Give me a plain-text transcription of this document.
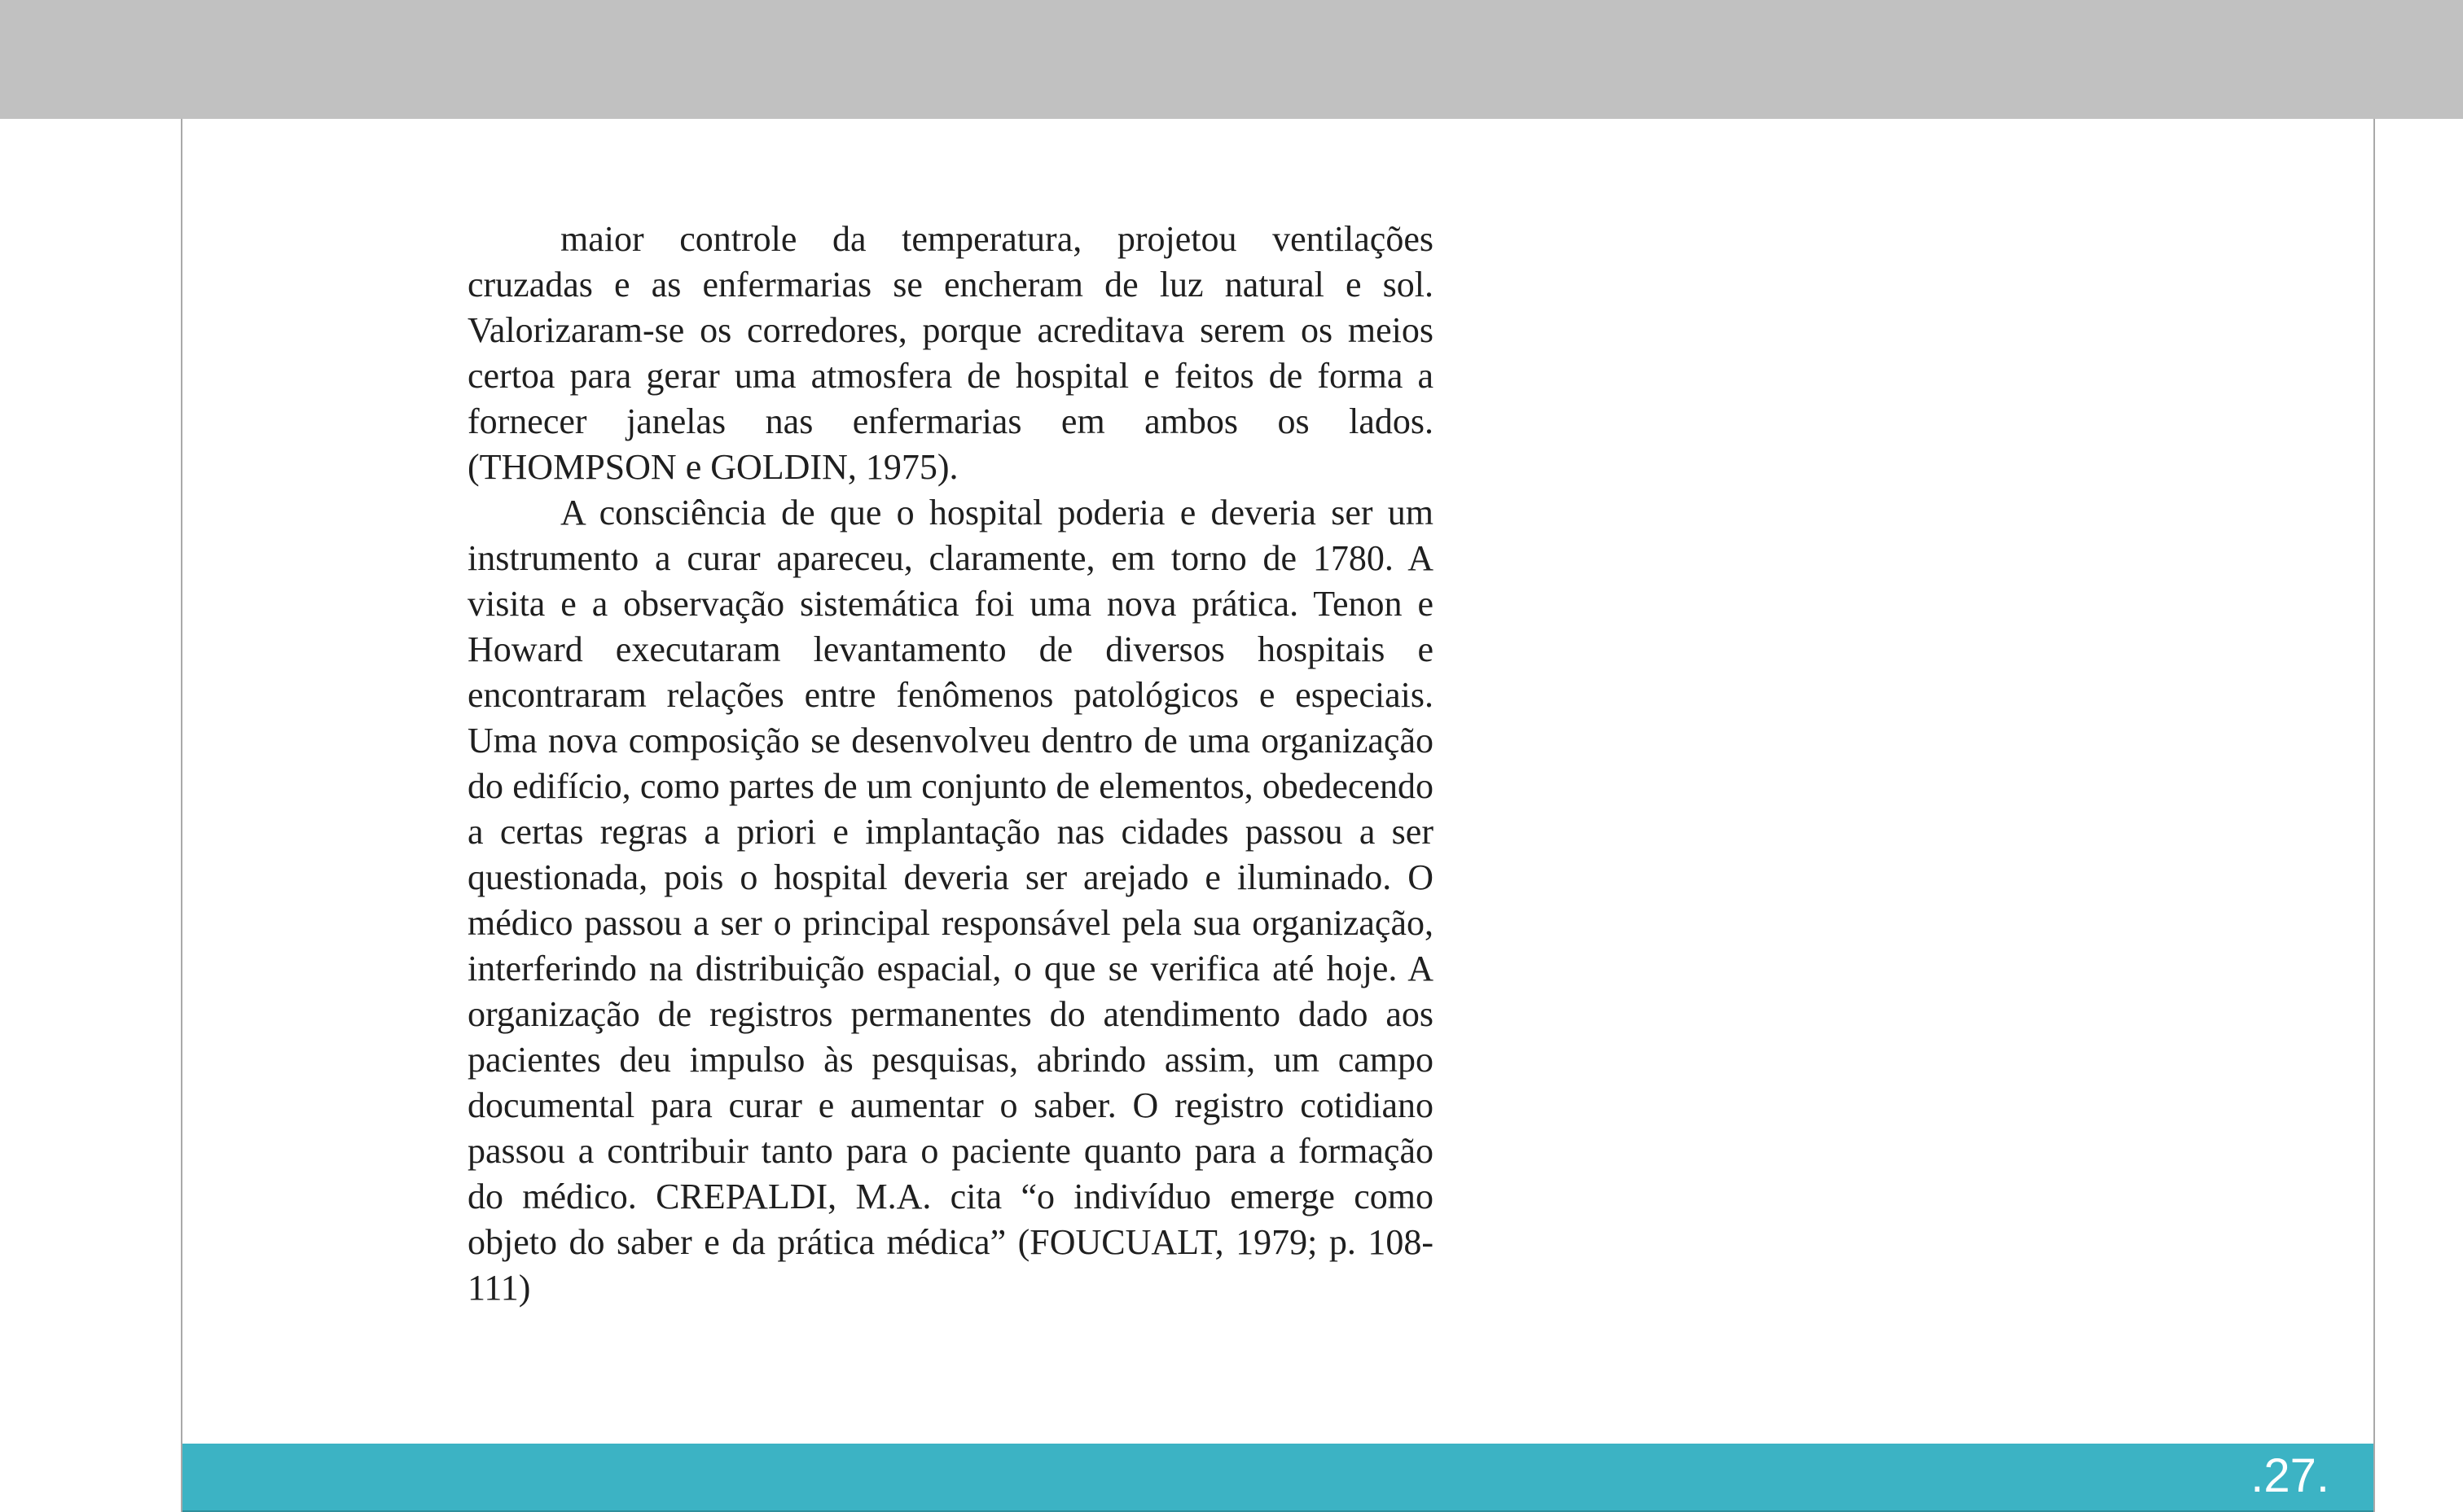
maior controle da temperatura, projetou ventilações cruzadas e as enfermarias se encheram de luz natural e sol. Valorizaram-se os corredores, porque acreditava serem os meios certoa para gerar uma atmosfera de hospital e feitos de forma a fornecer janelas nas enfermarias em ambos os lados. (THOMPSON e GOLDIN, 1975).

A consciência de que o hospital poderia e deveria ser um instrumento a curar apareceu, claramente, em torno de 1780. A visita e a observação sistemática foi uma nova prática. Tenon e Howard executaram levantamento de diversos hospitais e encontraram relações entre fenômenos patológicos e especiais. Uma nova composição se desenvolveu dentro de uma organização do edifício, como partes de um conjunto de elementos, obedecendo a certas regras a priori e implantação nas cidades passou a ser questionada, pois o hospital deveria ser arejado e iluminado. O médico passou a ser o principal responsável pela sua organização, interferindo na distribuição espacial, o que se verifica até hoje. A organização de registros permanentes do atendimento dado aos pacientes deu impulso às pesquisas, abrindo assim, um campo documental para curar e aumentar o saber. O registro cotidiano passou a contribuir tanto para o paciente quanto para a formação do médico. CREPALDI, M.A. cita “o indivíduo emerge como objeto do saber e da prática médica” (FOUCUALT, 1979; p. 108-111)

.27.
